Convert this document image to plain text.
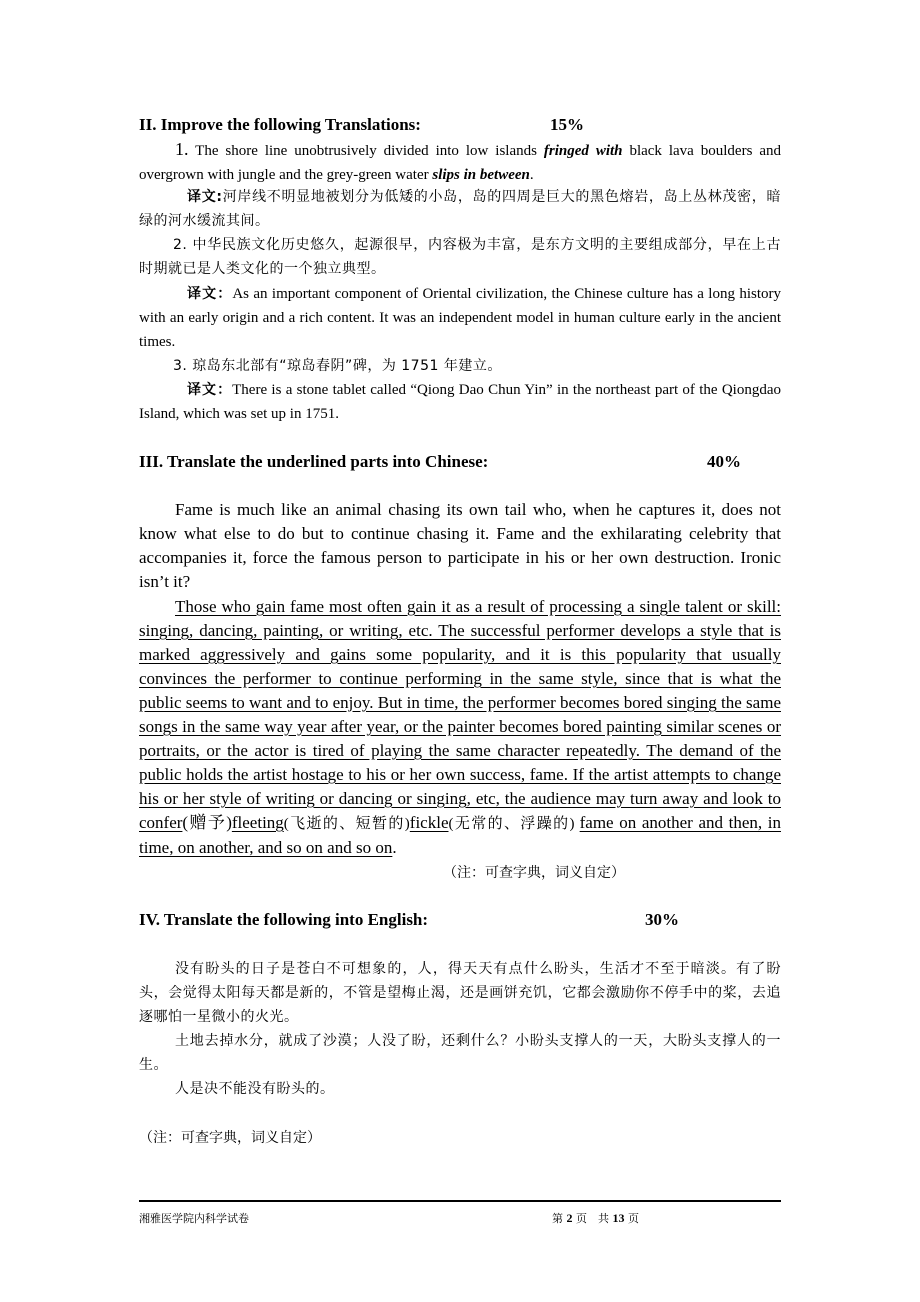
II. Improve the following Translations:	15%
1. The shore line unobtrusively divided into low islands fringed with black lava boulders and overgrown with jungle and the grey-green water slips in between.
译文:河岸线不明显地被划分为低矮的小岛，岛的四周是巨大的黑色熔岩，岛上丛林茂密，暗绿的河水缓流其间。
2. 中华民族文化历史悠久，起源很早，内容极为丰富，是东方文明的主要组成部分，早在上古时期就已是人类文化的一个独立典型。
译文：As an important component of Oriental civilization, the Chinese culture has a long history with an early origin and a rich content. It was an independent model in human culture early in the ancient times.
3. 琼岛东北部有“琼岛春阴”碑，为 1751 年建立。
译文：There is a stone tablet called “Qiong Dao Chun Yin” in the northeast part of the Qiongdao Island, which was set up in 1751.
III. Translate the underlined parts into Chinese:	40%
Fame is much like an animal chasing its own tail who, when he captures it, does not know what else to do but to continue chasing it. Fame and the exhilarating celebrity that accompanies it, force the famous person to participate in his or her own destruction. Ironic isn’t it?
Those who gain fame most often gain it as a result of processing a single talent or skill: singing, dancing, painting, or writing, etc. The successful performer develops a style that is marked aggressively and gains some popularity, and it is this popularity that usually convinces the performer to continue performing in the same style, since that is what the public seems to want and to enjoy. But in time, the performer becomes bored singing the same songs in the same way year after year, or the painter becomes bored painting similar scenes or portraits, or the actor is tired of playing the same character repeatedly. The demand of the public holds the artist hostage to his or her own success, fame. If the artist attempts to change his or her style of writing or dancing or singing, etc, the audience may turn away and look to confer(赠予)fleeting(飞逝的、短暂的)fickle(无常的、浮躁的) fame on another and then, in time, on another, and so on and so on.
（注：可查字典，词义自定）
IV. Translate the following into English:	30%
没有盼头的日子是苍白不可想象的，人，得天天有点什么盼头，生活才不至于暗淡。有了盼头，会觉得太阳每天都是新的，不管是望梅止渴，还是画饼充饥，它都会激励你不停手中的桨，去追逐哪怕一星微小的火光。
土地去掉水分，就成了沙漠；人没了盼，还剩什么？小盼头支撑人的一天，大盼头支撑人的一生。
人是决不能没有盼头的。
（注：可查字典，词义自定）
湘雅医学院内科学试卷	第 2 页　共 13 页
